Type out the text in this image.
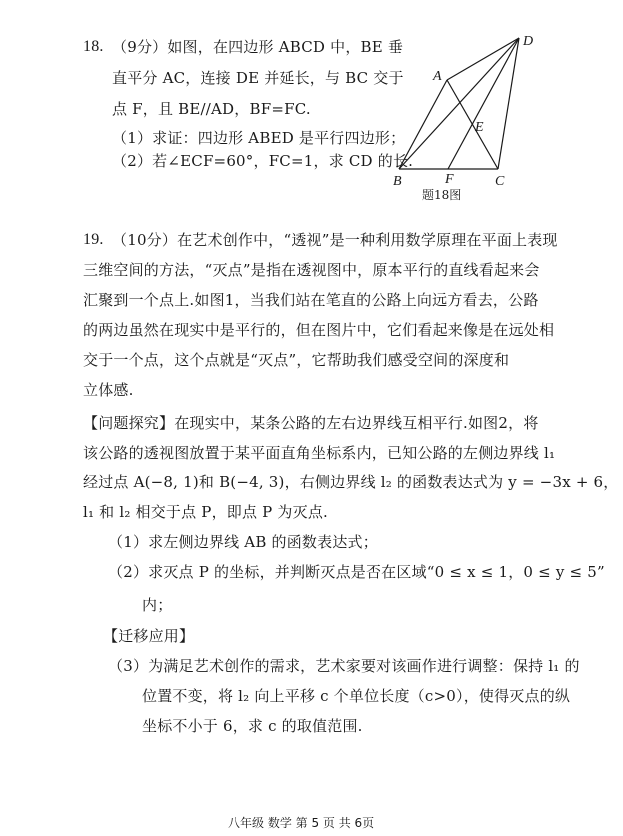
18. （9分）如图，在四边形 ABCD 中，BE 垂
直平分 AC，连接 DE 并延长，与 BC 交于
点 F，且 BE//AD，BF=FC.
（1）求证：四边形 ABED 是平行四边形；
（2）若∠ECF=60°，FC=1，求 CD 的长.
A
B	C
D
E
F
题18图
19. （10分）在艺术创作中，“透视”是一种利用数学原理在平面上表现
三维空间的方法，“灭点”是指在透视图中，原本平行的直线看起来会
汇聚到一个点上.如图1，当我们站在笔直的公路上向远方看去，公路
的两边虽然在现实中是平行的，但在图片中，它们看起来像是在远处相
交于一个点，这个点就是“灭点”，它帮助我们感受空间的深度和
立体感.
【问题探究】在现实中，某条公路的左右边界线互相平行.如图2，将
该公路的透视图放置于某平面直角坐标系内，已知公路的左侧边界线 l₁
经过点 A(−8, 1)和 B(−4, 3)，右侧边界线 l₂ 的函数表达式为 y = −3x + 6，
l₁ 和 l₂ 相交于点 P，即点 P 为灭点.
（1）求左侧边界线 AB 的函数表达式；
（2）求灭点 P 的坐标，并判断灭点是否在区域“0 ≤ x ≤ 1，0 ≤ y ≤ 5”
内；
【迁移应用】
（3）为满足艺术创作的需求，艺术家要对该画作进行调整：保持 l₁ 的
位置不变，将 l₂ 向上平移 c 个单位长度（c>0），使得灭点的纵
坐标不小于 6，求 c 的取值范围.
八年级 数学 第 5 页 共 6页
